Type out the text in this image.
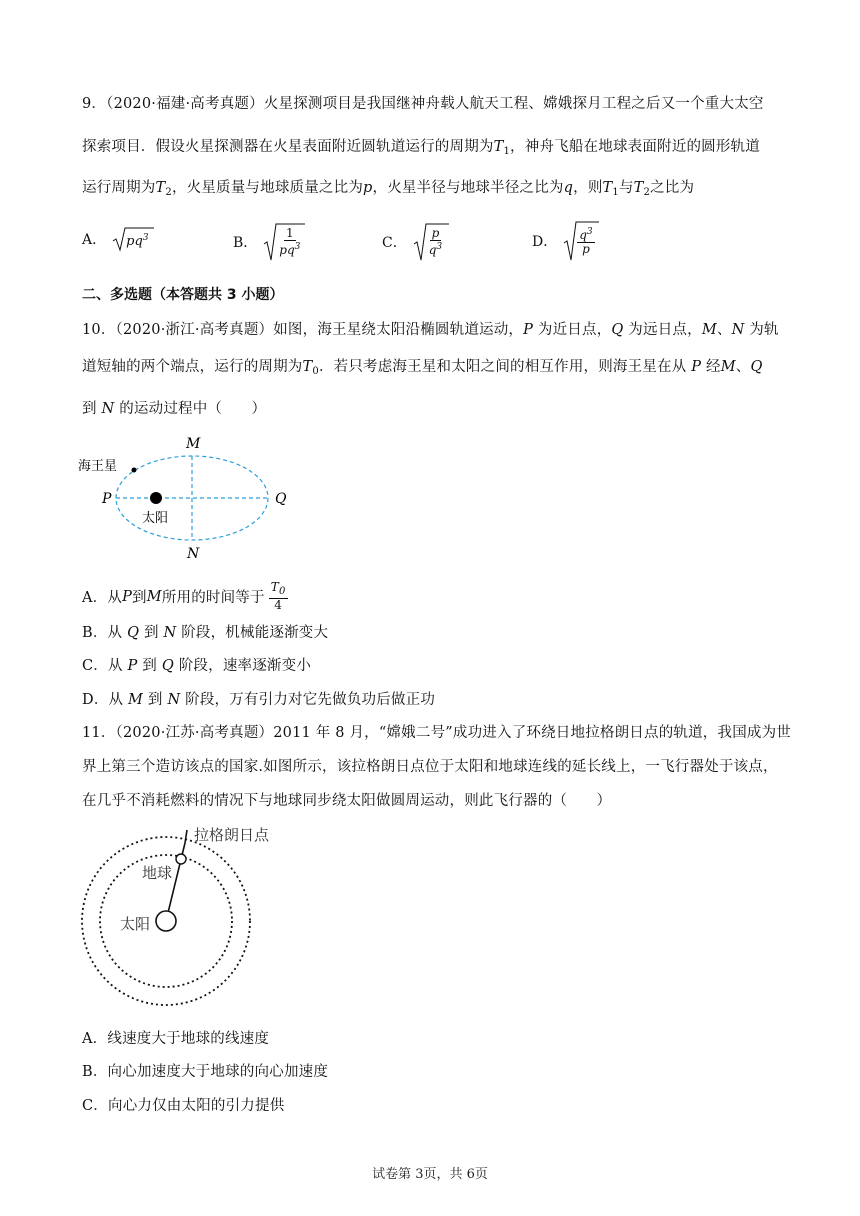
9．（2020·福建·高考真题）火星探测项目是我国继神舟载人航天工程、嫦娥探月工程之后又一个重大太空
探索项目．假设火星探测器在火星表面附近圆轨道运行的周期为$T_1$，神舟飞船在地球表面附近的圆形轨道
运行周期为$T_2$，火星质量与地球质量之比为p，火星半径与地球半径之比为q，则$T_1$与$T_2$之比为
A． $pq^3$	B． $\frac{1}{pq^3}$	C． $\frac{p}{q^3}$	D． $\frac{q^3}{p}$
二、多选题（本答题共 3 小题）
10．（2020·浙江·高考真题）如图，海王星绕太阳沿椭圆轨道运动，P 为近日点，Q 为远日点，M、N 为轨
道短轴的两个端点，运行的周期为$T_0$．若只考虑海王星和太阳之间的相互作用，则海王星在从 P 经M、Q
到 N 的运动过程中（　　）
M
N
P	Q
海王星
太阳
A．从 P 到 M 所用的时间等于 $\frac{T_0}{4}$
B．从 Q 到 N 阶段，机械能逐渐变大
C．从 P 到 Q 阶段，速率逐渐变小
D．从 M 到 N 阶段，万有引力对它先做负功后做正功
11．（2020·江苏·高考真题）2011 年 8 月，“嫦娥二号”成功进入了环绕日地拉格朗日点的轨道，我国成为世
界上第三个造访该点的国家.如图所示，该拉格朗日点位于太阳和地球连线的延长线上，一飞行器处于该点，
在几乎不消耗燃料的情况下与地球同步绕太阳做圆周运动，则此飞行器的（　　）
拉格朗日点
地球
太阳
A．线速度大于地球的线速度
B．向心加速度大于地球的向心加速度
C．向心力仅由太阳的引力提供
试卷第 3页，共 6页
